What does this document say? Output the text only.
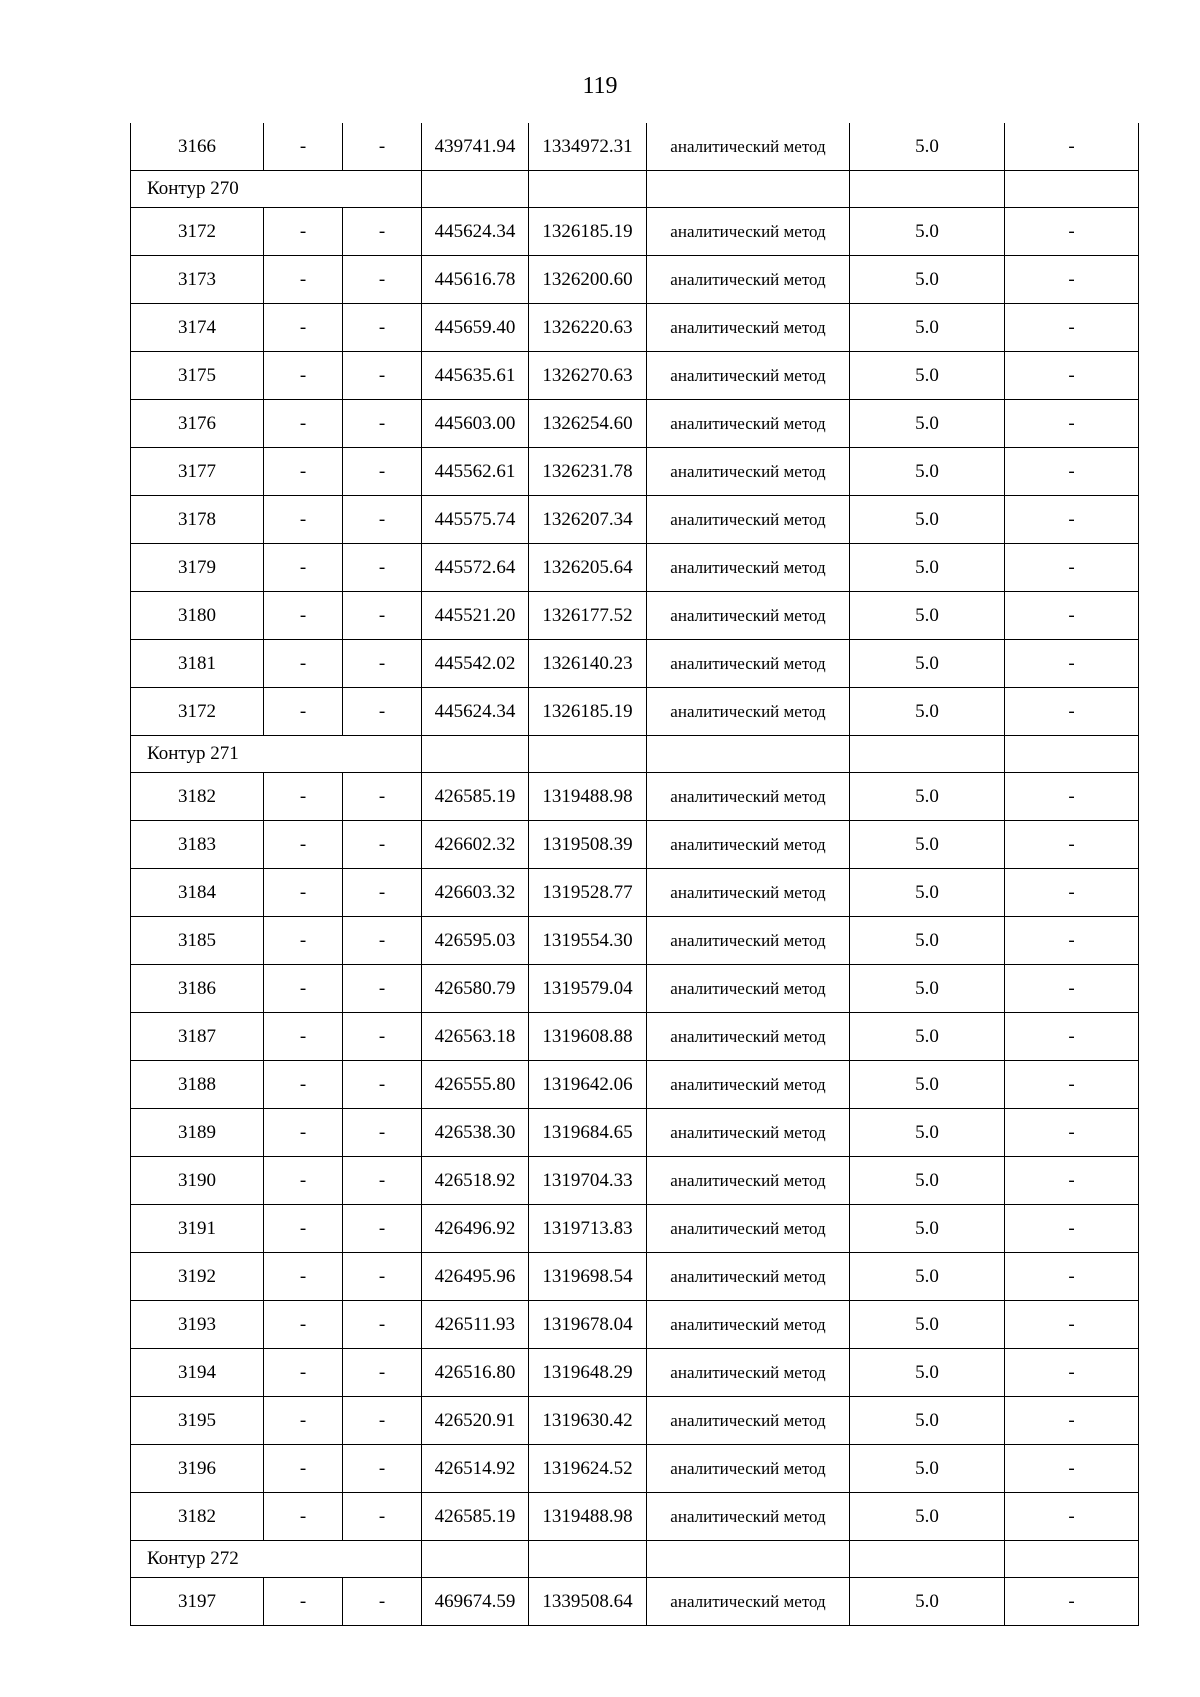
119
3166	-	-	439741.94	1334972.31	аналитический метод	5.0	-
Контур 270							
3172	-	-	445624.34	1326185.19	аналитический метод	5.0	-
3173	-	-	445616.78	1326200.60	аналитический метод	5.0	-
3174	-	-	445659.40	1326220.63	аналитический метод	5.0	-
3175	-	-	445635.61	1326270.63	аналитический метод	5.0	-
3176	-	-	445603.00	1326254.60	аналитический метод	5.0	-
3177	-	-	445562.61	1326231.78	аналитический метод	5.0	-
3178	-	-	445575.74	1326207.34	аналитический метод	5.0	-
3179	-	-	445572.64	1326205.64	аналитический метод	5.0	-
3180	-	-	445521.20	1326177.52	аналитический метод	5.0	-
3181	-	-	445542.02	1326140.23	аналитический метод	5.0	-
3172	-	-	445624.34	1326185.19	аналитический метод	5.0	-
Контур 271							
3182	-	-	426585.19	1319488.98	аналитический метод	5.0	-
3183	-	-	426602.32	1319508.39	аналитический метод	5.0	-
3184	-	-	426603.32	1319528.77	аналитический метод	5.0	-
3185	-	-	426595.03	1319554.30	аналитический метод	5.0	-
3186	-	-	426580.79	1319579.04	аналитический метод	5.0	-
3187	-	-	426563.18	1319608.88	аналитический метод	5.0	-
3188	-	-	426555.80	1319642.06	аналитический метод	5.0	-
3189	-	-	426538.30	1319684.65	аналитический метод	5.0	-
3190	-	-	426518.92	1319704.33	аналитический метод	5.0	-
3191	-	-	426496.92	1319713.83	аналитический метод	5.0	-
3192	-	-	426495.96	1319698.54	аналитический метод	5.0	-
3193	-	-	426511.93	1319678.04	аналитический метод	5.0	-
3194	-	-	426516.80	1319648.29	аналитический метод	5.0	-
3195	-	-	426520.91	1319630.42	аналитический метод	5.0	-
3196	-	-	426514.92	1319624.52	аналитический метод	5.0	-
3182	-	-	426585.19	1319488.98	аналитический метод	5.0	-
Контур 272							
3197	-	-	469674.59	1339508.64	аналитический метод	5.0	-
